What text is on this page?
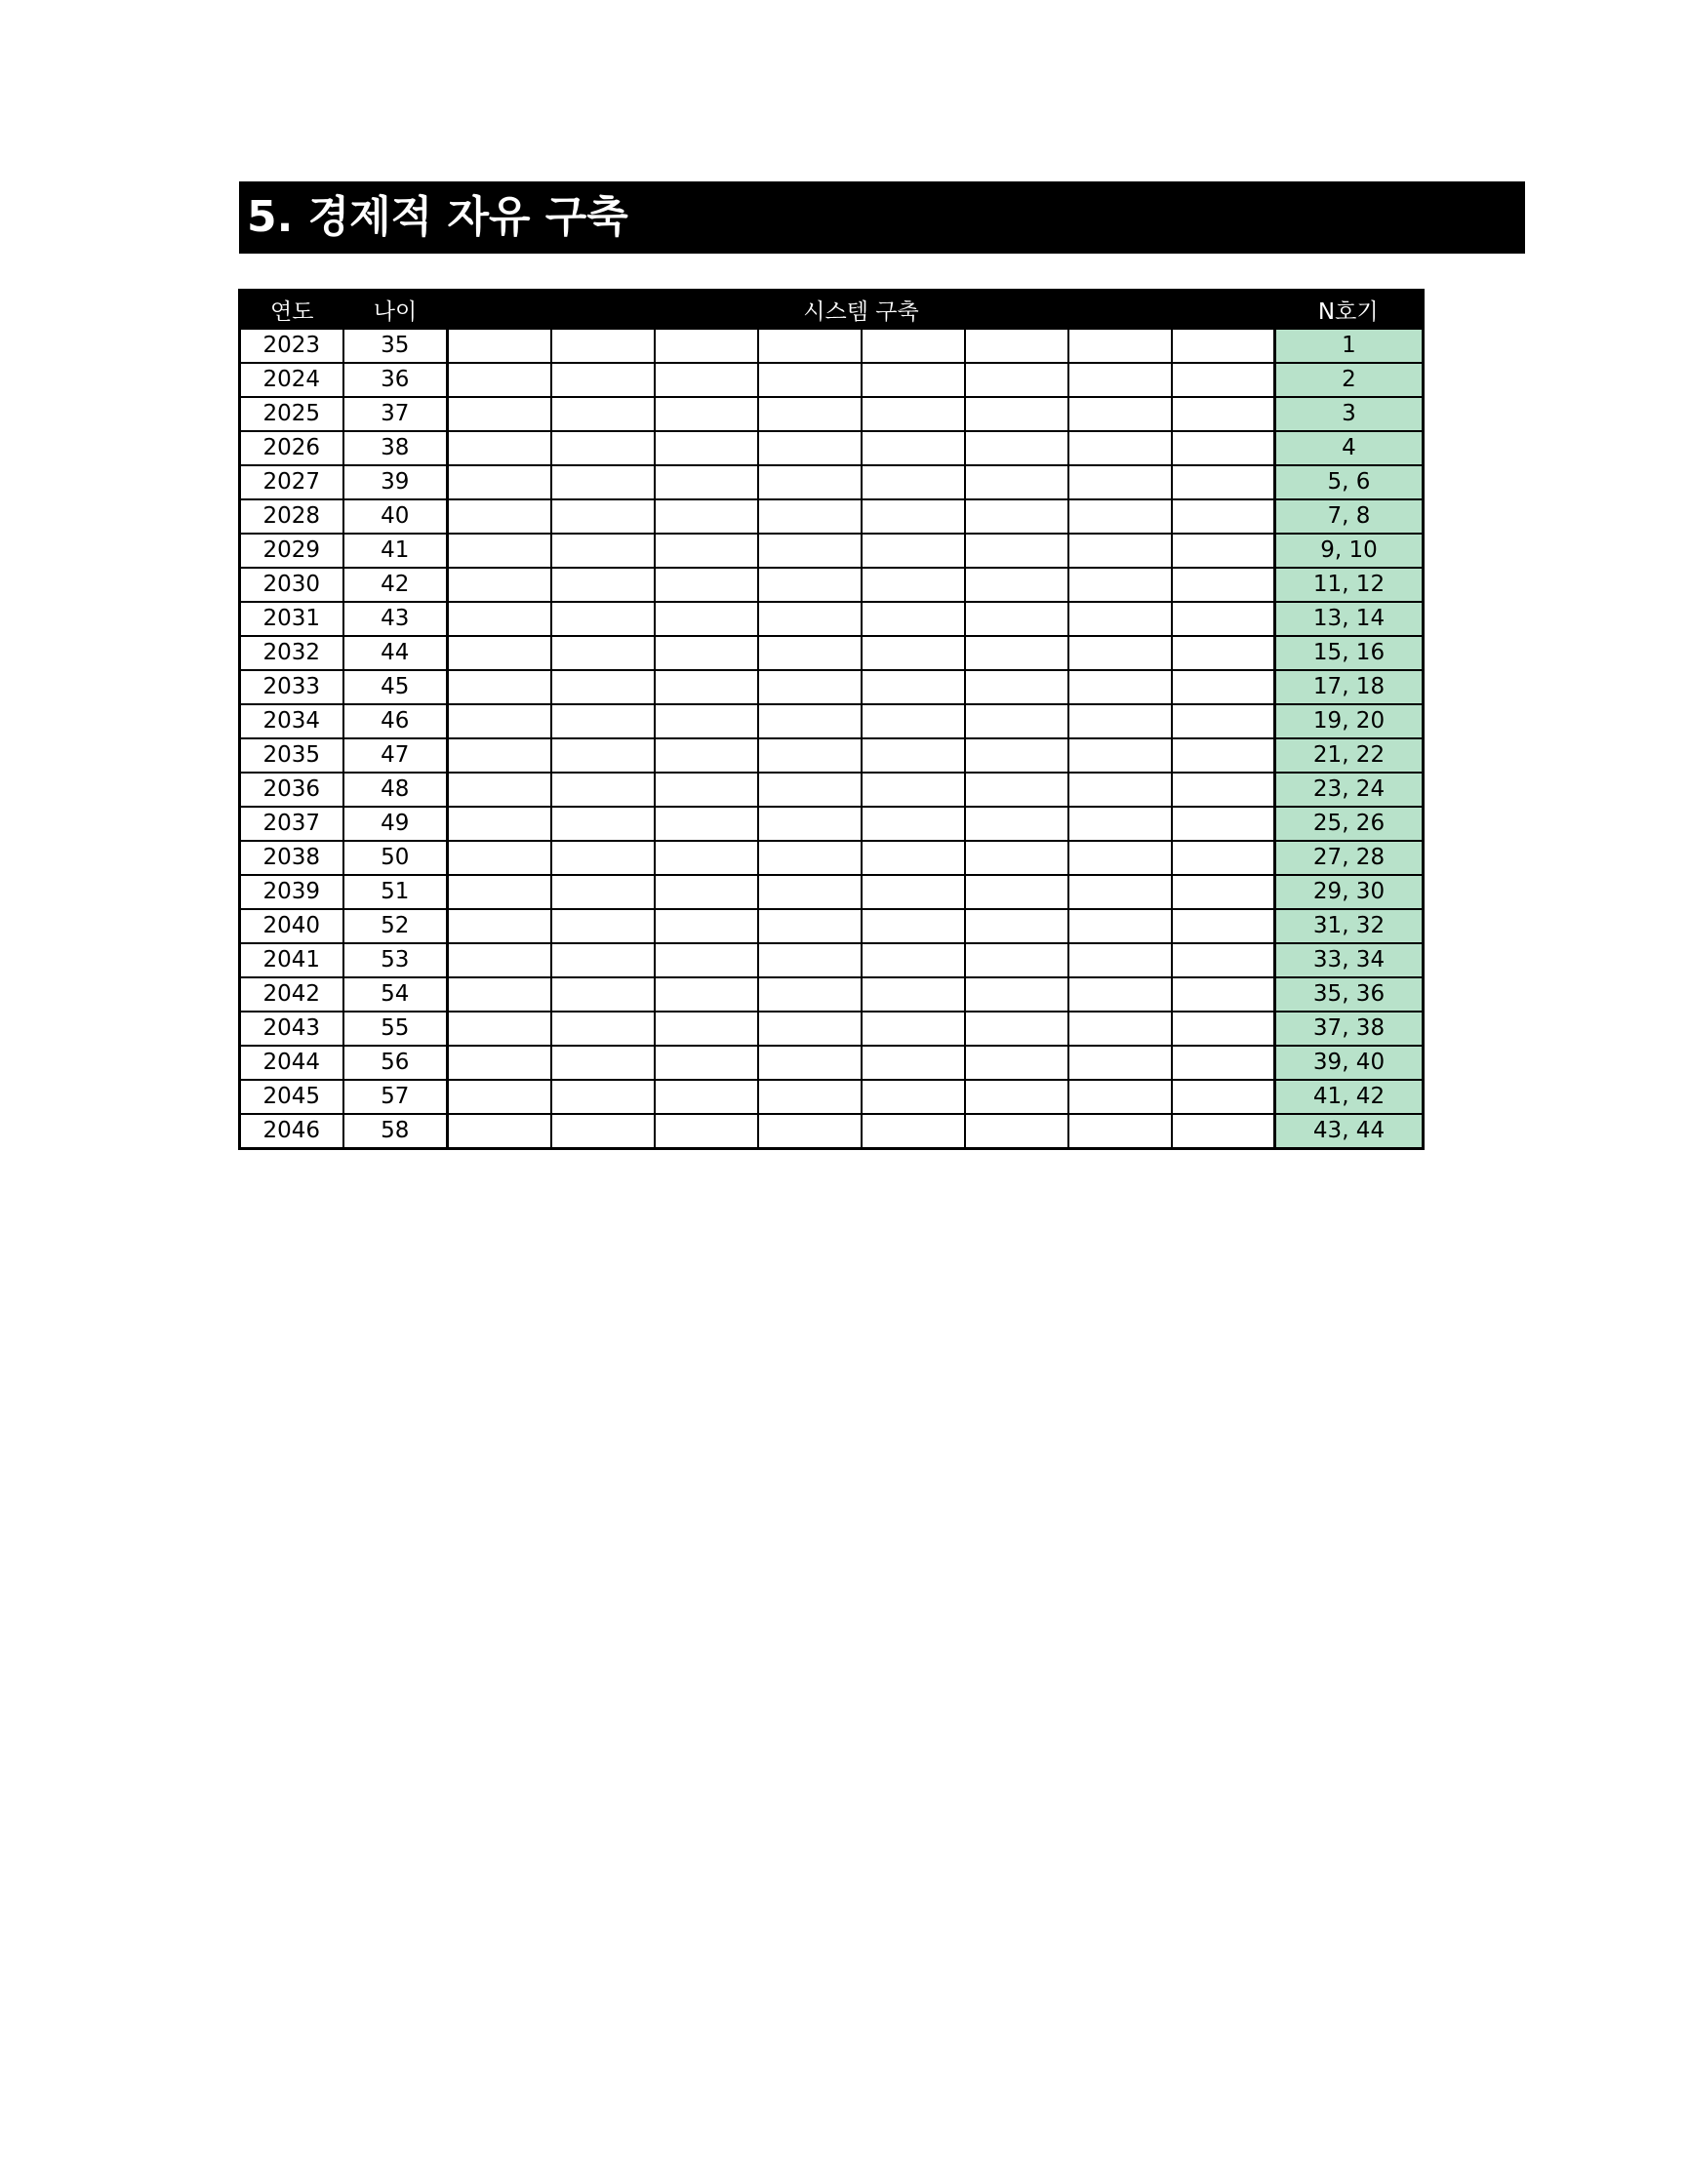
5. 경제적 자유 구축
연도	나이	시스템 구축								N호기
2023	35									1
2024	36									2
2025	37									3
2026	38									4
2027	39									5, 6
2028	40									7, 8
2029	41									9, 10
2030	42									11, 12
2031	43									13, 14
2032	44									15, 16
2033	45									17, 18
2034	46									19, 20
2035	47									21, 22
2036	48									23, 24
2037	49									25, 26
2038	50									27, 28
2039	51									29, 30
2040	52									31, 32
2041	53									33, 34
2042	54									35, 36
2043	55									37, 38
2044	56									39, 40
2045	57									41, 42
2046	58									43, 44
